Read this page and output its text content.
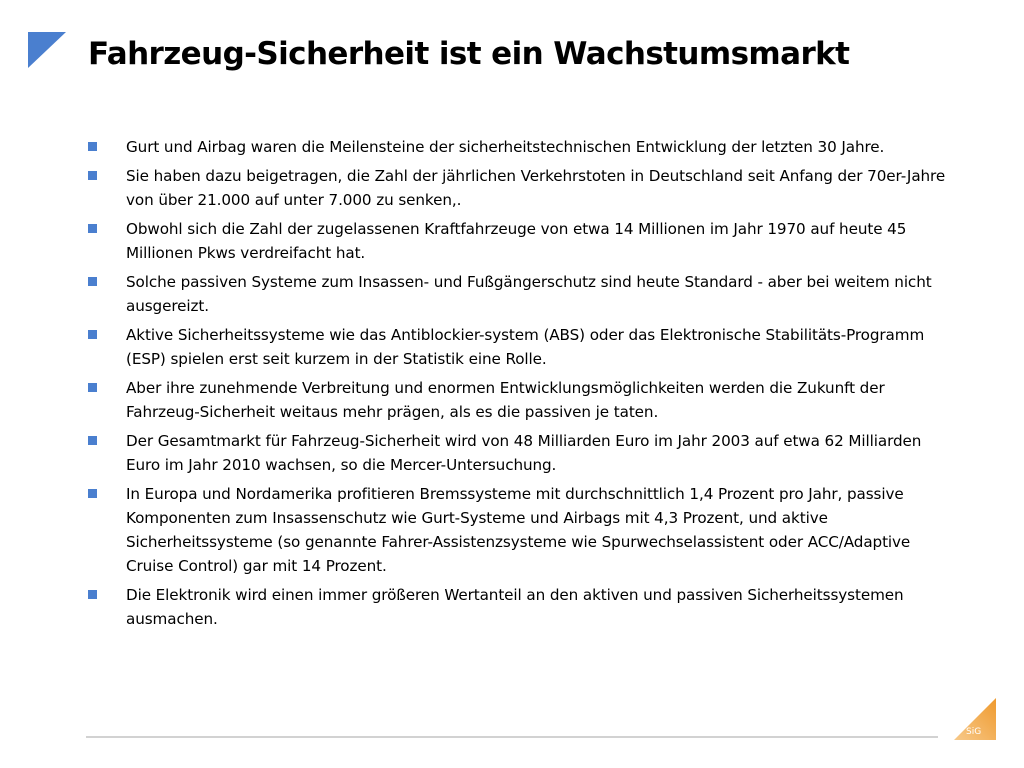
Fahrzeug-Sicherheit ist ein Wachstumsmarkt
Gurt und Airbag waren die Meilensteine der sicherheitstechnischen Entwicklung der letzten 30 Jahre.
Sie haben dazu beigetragen, die Zahl der jährlichen Verkehrstoten in Deutschland seit Anfang der 70er-Jahre von über 21.000 auf unter 7.000 zu senken,.
Obwohl sich die Zahl der zugelassenen Kraftfahrzeuge von etwa 14 Millionen im Jahr 1970 auf heute 45 Millionen Pkws verdreifacht hat.
Solche passiven Systeme zum Insassen- und Fußgängerschutz sind heute Standard - aber bei weitem nicht ausgereizt.
Aktive Sicherheitssysteme wie das Antiblockier-system (ABS) oder das Elektronische Stabilitäts-Programm (ESP) spielen erst seit kurzem in der Statistik eine Rolle.
Aber ihre zunehmende Verbreitung und enormen Entwicklungsmöglichkeiten werden die Zukunft der Fahrzeug-Sicherheit weitaus mehr prägen, als es die passiven je taten.
Der Gesamtmarkt für Fahrzeug-Sicherheit wird von 48 Milliarden Euro im Jahr 2003 auf etwa 62 Milliarden Euro im Jahr 2010 wachsen, so die Mercer-Untersuchung.
In Europa und Nordamerika profitieren Bremssysteme mit durchschnittlich 1,4 Prozent pro Jahr, passive Komponenten zum Insassenschutz wie Gurt-Systeme und Airbags mit 4,3 Prozent, und aktive Sicherheitssysteme (so genannte Fahrer-Assistenzsysteme wie Spurwechselassistent oder ACC/Adaptive Cruise Control) gar mit 14 Prozent.
Die Elektronik wird einen immer größeren Wertanteil an den aktiven und passiven Sicherheitssystemen ausmachen.
SiG
